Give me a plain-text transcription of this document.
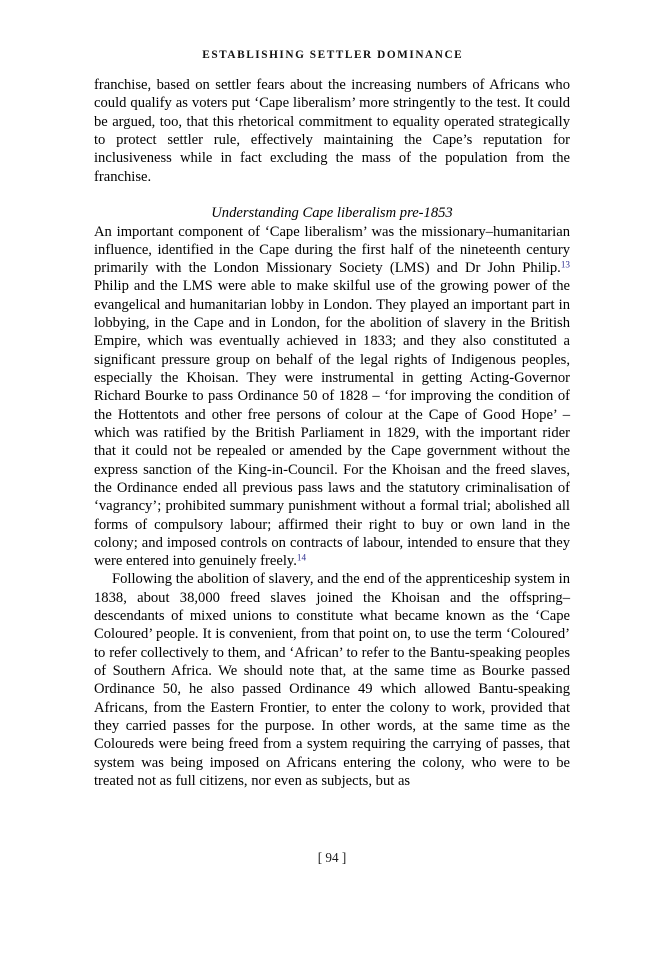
ESTABLISHING SETTLER DOMINANCE

franchise, based on settler fears about the increasing numbers of Africans who could qualify as voters put ‘Cape liberalism’ more stringently to the test. It could be argued, too, that this rhetorical commitment to equality operated strategically to protect settler rule, effectively maintaining the Cape’s reputation for inclusiveness while in fact excluding the mass of the population from the franchise.

Understanding Cape liberalism pre-1853

An important component of ‘Cape liberalism’ was the missionary–humanitarian influence, identified in the Cape during the first half of the nineteenth century primarily with the London Missionary Society (LMS) and Dr John Philip.$^{13}$ Philip and the LMS were able to make skilful use of the growing power of the evangelical and humanitarian lobby in London. They played an important part in lobbying, in the Cape and in London, for the abolition of slavery in the British Empire, which was eventually achieved in 1833; and they also constituted a significant pressure group on behalf of the legal rights of Indigenous peoples, especially the Khoisan. They were instrumental in getting Acting-Governor Richard Bourke to pass Ordinance 50 of 1828 – ‘for improving the condition of the Hottentots and other free persons of colour at the Cape of Good Hope’ – which was ratified by the British Parliament in 1829, with the important rider that it could not be repealed or amended by the Cape government without the express sanction of the King-in-Council. For the Khoisan and the freed slaves, the Ordinance ended all previous pass laws and the statutory criminalisation of ‘vagrancy’; prohibited summary punishment without a formal trial; abolished all forms of compulsory labour; affirmed their right to buy or own land in the colony; and imposed controls on contracts of labour, intended to ensure that they were entered into genuinely freely.$^{14}$

Following the abolition of slavery, and the end of the apprenticeship system in 1838, about 38,000 freed slaves joined the Khoisan and the offspring–descendants of mixed unions to constitute what became known as the ‘Cape Coloured’ people. It is convenient, from that point on, to use the term ‘Coloured’ to refer collectively to them, and ‘African’ to refer to the Bantu-speaking peoples of Southern Africa. We should note that, at the same time as Bourke passed Ordinance 50, he also passed Ordinance 49 which allowed Bantu-speaking Africans, from the Eastern Frontier, to enter the colony to work, provided that they carried passes for the purpose. In other words, at the same time as the Coloureds were being freed from a system requiring the carrying of passes, that system was being imposed on Africans entering the colony, who were to be treated not as full citizens, nor even as subjects, but as

[ 94 ]
